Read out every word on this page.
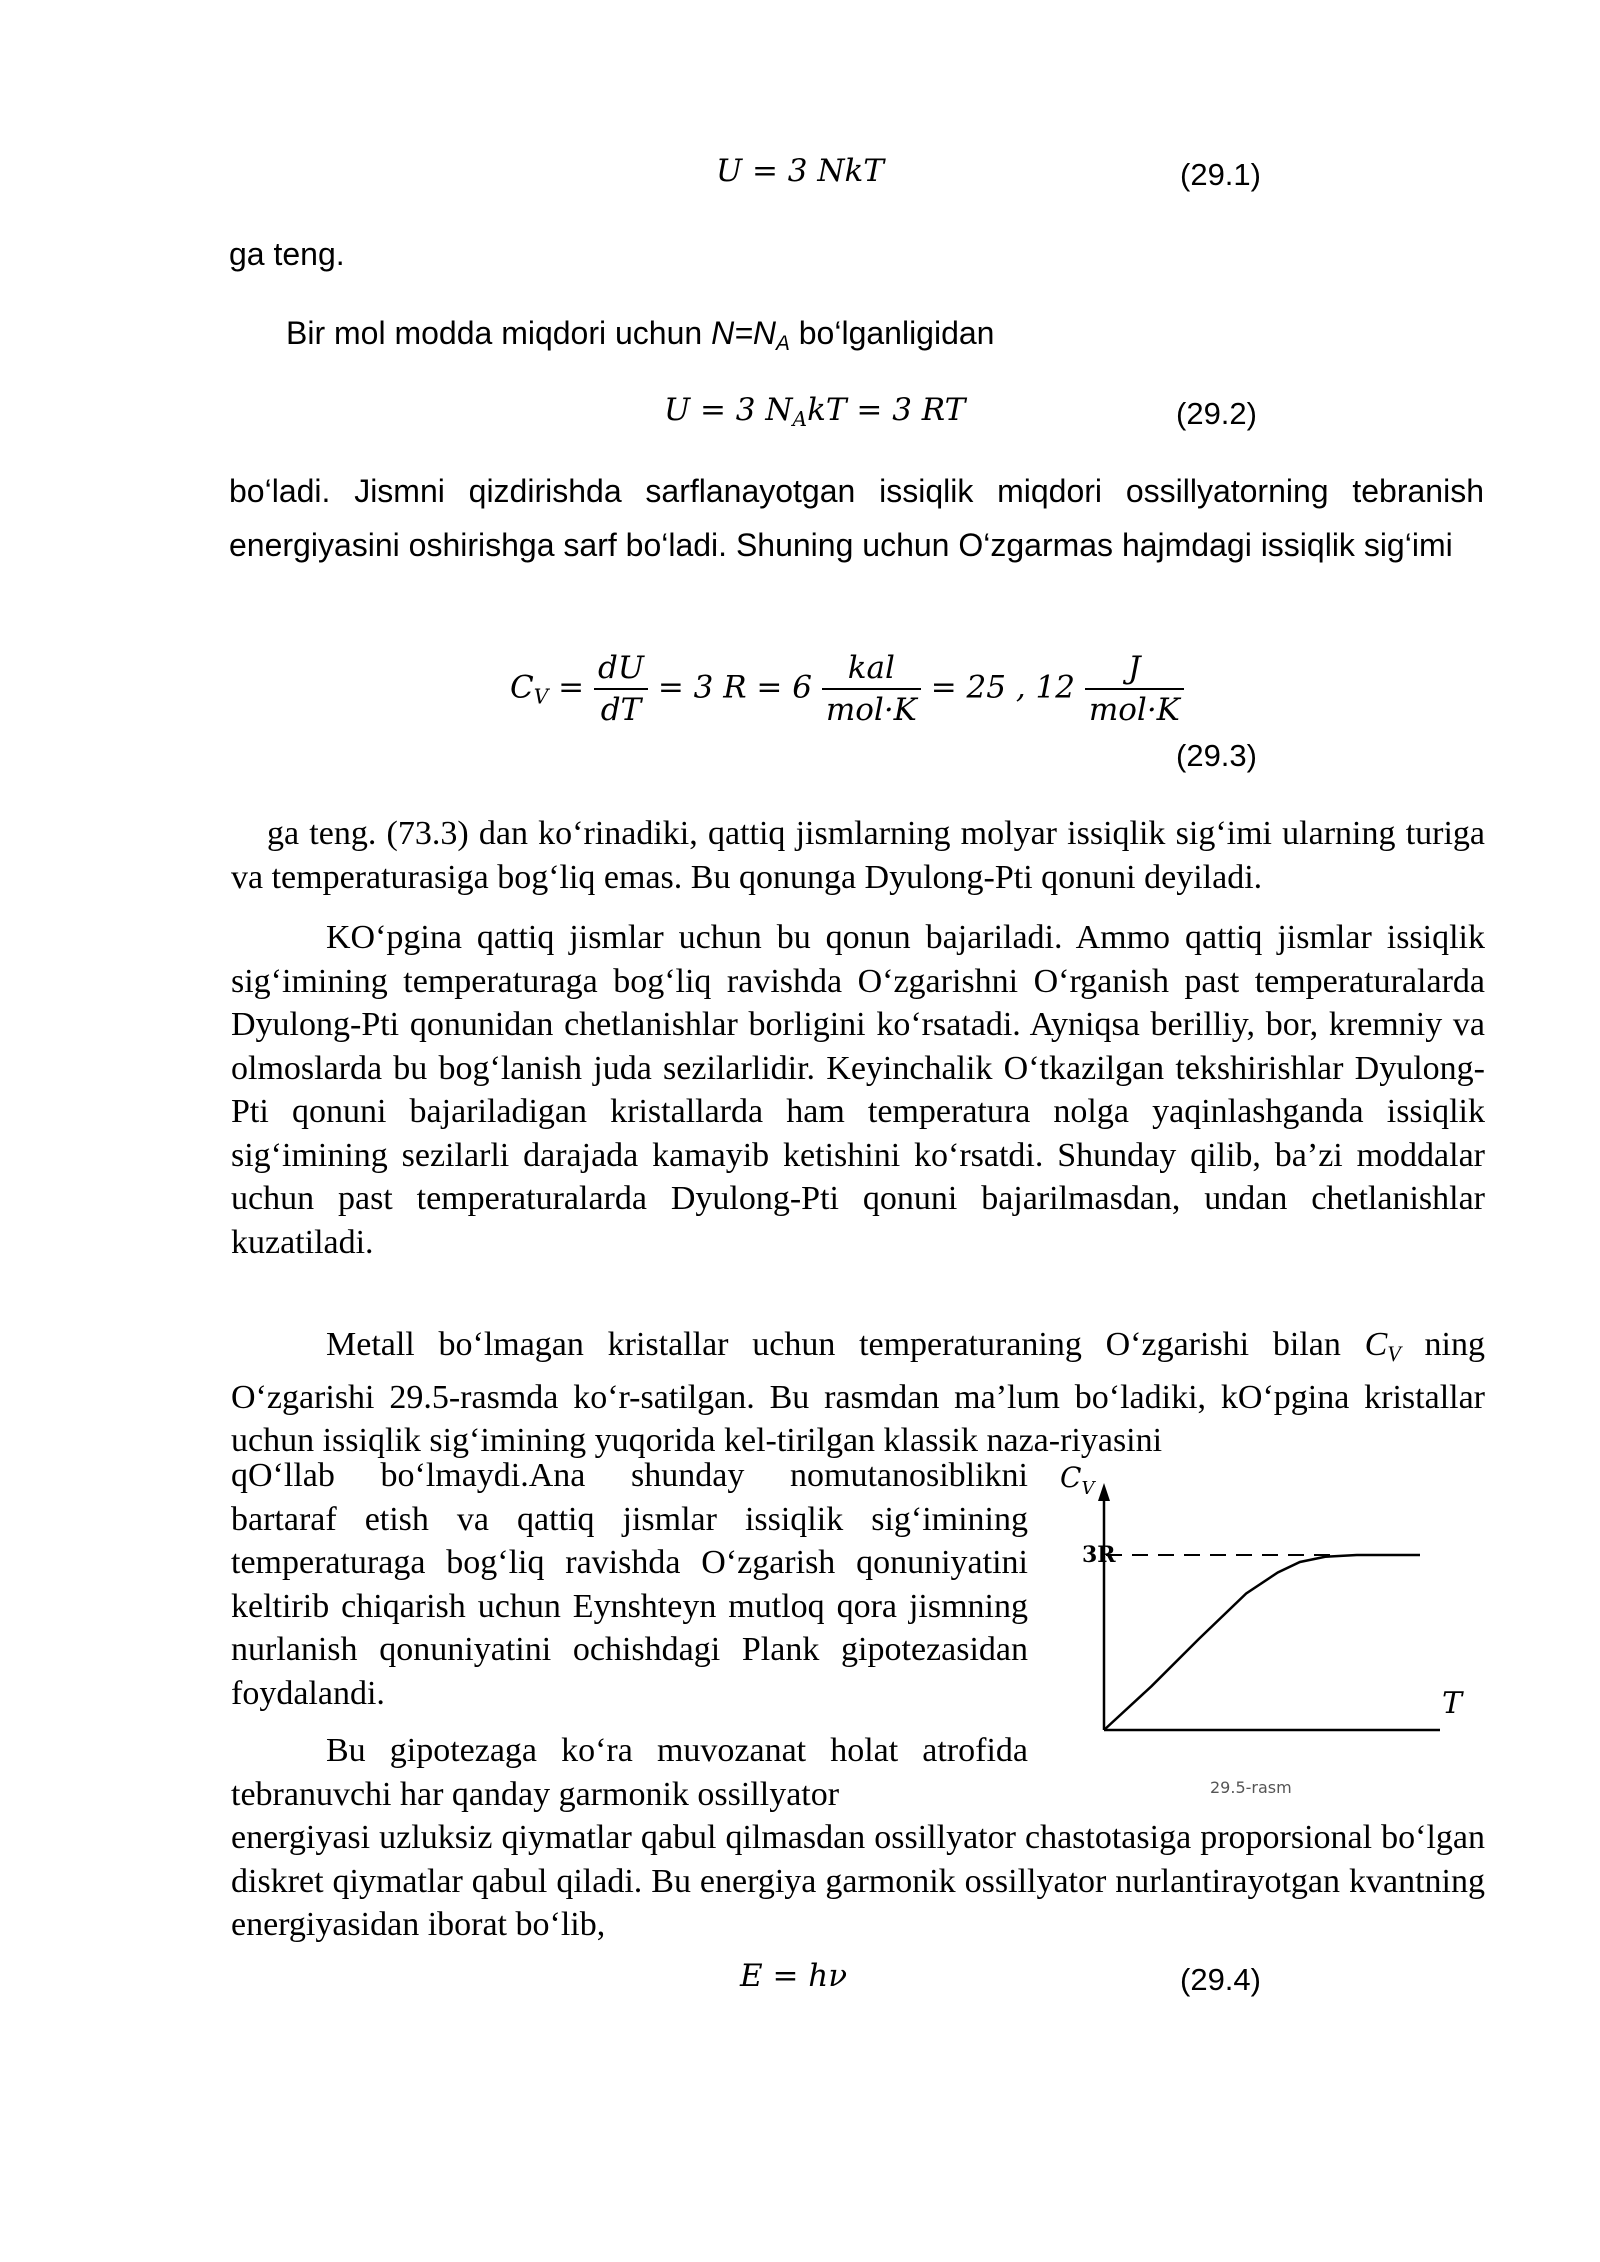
U = 3 NkT	(29.1)
ga teng.
Bir mol modda miqdori uchun $N=N_A$ bo‘lganligidan
U = 3 $N_AkT = 3$ RT	(29.2)
bo‘ladi. Jismni qizdirishda sarflanayotgan issiqlik miqdori ossillyatorning tebranish energiyasini oshirishga sarf bo‘ladi. Shuning uchun O‘zgarmas hajmdagi issiqlik sig‘imi
$C_V = \frac{dU}{dT} = 3$ $R = 6 \frac{\text{kal}}{\text{mol·K}} = 25$ , $12 \frac{J}{\text{mol·K}}$
(29.3)
ga teng. (73.3) dan ko‘rinadiki, qattiq jismlarning molyar issiqlik sig‘imi ularning turiga va temperaturasiga bog‘liq emas. Bu qonunga Dyulong-Pti qonuni deyiladi.
KO‘pgina qattiq jismlar uchun bu qonun bajariladi. Ammo qattiq jismlar issiqlik sig‘imining temperaturaga bog‘liq ravishda O‘zgarishni O‘rganish past temperaturalarda Dyulong-Pti qonunidan chetlanishlar borligini ko‘rsatadi. Ayniqsa berilliy, bor, kremniy va olmoslarda bu bog‘lanish juda sezilarlidir. Keyinchalik O‘tkazilgan tekshirishlar Dyulong-Pti qonuni bajariladigan kristallarda ham temperatura nolga yaqinlashganda issiqlik sig‘imining sezilarli darajada kamayib ketishini ko‘rsatdi. Shunday qilib, ba’zi moddalar uchun past temperaturalarda Dyulong-Pti qonuni bajarilmasdan, undan chetlanishlar kuzatiladi.
Metall bo‘lmagan kristallar uchun temperaturaning O‘zgarishi bilan $C_V$ ning O‘zgarishi 29.5-rasmda ko‘r-satilgan. Bu rasmdan ma’lum bo‘ladiki, kO‘pgina kristallar uchun issiqlik sig‘imining yuqorida kel-tirilgan klassik naza-riyasini
qO‘llab bo‘lmaydi.Ana shunday nomutanosiblikni bartaraf etish va qattiq jismlar issiqlik sig‘imining temperaturaga bog‘liq ravishda O‘zgarish qonuniyatini keltirib chiqarish uchun Eynshteyn mutloq qora jismning nurlanish qonuniyatini ochishdagi Plank gipotezasidan foydalandi.
Bu gipotezaga ko‘ra muvozanat holat atrofida tebranuvchi har qanday garmonik ossillyator
energiyasi uzluksiz qiymatlar qabul qilmasdan ossillyator chastotasiga proporsional bo‘lgan diskret qiymatlar qabul qiladi. Bu energiya garmonik ossillyator nurlantirayotgan kvantning energiyasidan iborat bo‘lib,
E = hν	(29.4)
$C_V$
3R
T
29.5-rasm
